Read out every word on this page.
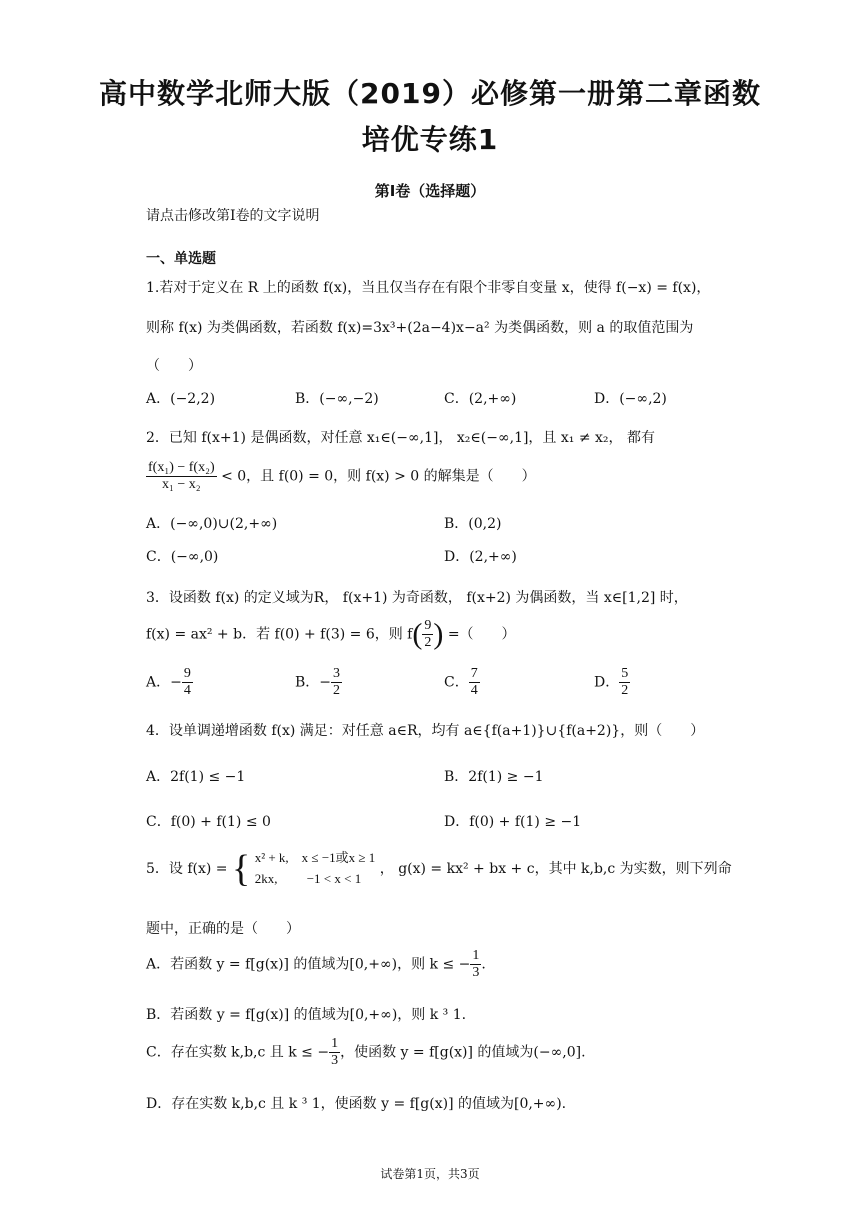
高中数学北师大版（2019）必修第一册第二章函数
培优专练1
第I卷（选择题）
请点击修改第I卷的文字说明
一、单选题
1.若对于定义在 R 上的函数 f(x)，当且仅当存在有限个非零自变量 x，使得 f(−x) = f(x)，
则称 f(x) 为类偶函数，若函数 f(x)=3x³+(2a−4)x−a² 为类偶函数，则 a 的取值范围为
（　　）
A．(−2,2)	B．(−∞,−2)	C．(2,+∞)	D．(−∞,2)
2．已知 f(x+1) 是偶函数，对任意 x₁∈(−∞,1]， x₂∈(−∞,1]，且 x₁ ≠ x₂， 都有
$\frac{\text{f(x₁) − f(x₂)}}{\text{x₁ − x₂}} < 0$，且 f(0) = 0，则 f(x) > 0 的解集是（　　）
A．(−∞,0)∪(2,+∞)	B．(0,2)
C．(−∞,0)	D．(2,+∞)
3．设函数 f(x) 的定义域为R， f(x+1) 为奇函数， f(x+2) 为偶函数，当 x∈[1,2] 时，
f(x) = ax² + b．若 f(0) + f(3) = 6，则 $f( \frac{9}{2}$ ) =（　　）
A．− $\frac{9}{4}$	B．− $\frac{3}{2}$	C． $\frac{7}{4}$	D． $\frac{5}{2}$
4．设单调递增函数 f(x) 满足：对任意 a∈R，均有 a∈{f(a+1)}∪{f(a+2)}，则（　　）
A．2f(1) ≤ −1	B．2f(1) ≥ −1
C．f(0) + f(1) ≤ 0	D．f(0) + f(1) ≥ −1
5．设 f(x) = { x² + k,　x ≤ −1或x ≥ 1
2kx,　　 −1 < x < 1
， g(x) = kx² + bx + c，其中 k,b,c 为实数，则下列命
题中，正确的是（　　）
A．若函数 y = f[g(x)] 的值域为[0,+∞)，则 k ≤ − $\frac{1}{3}$ .
B．若函数 y = f[g(x)] 的值域为[0,+∞)，则 k ³ 1.
C．存在实数 k,b,c 且 k ≤ − $\frac{1}{3}$ ，使函数 y = f[g(x)] 的值域为(−∞,0].
D．存在实数 k,b,c 且 k ³ 1，使函数 y = f[g(x)] 的值域为[0,+∞).
试卷第1页，共3页
